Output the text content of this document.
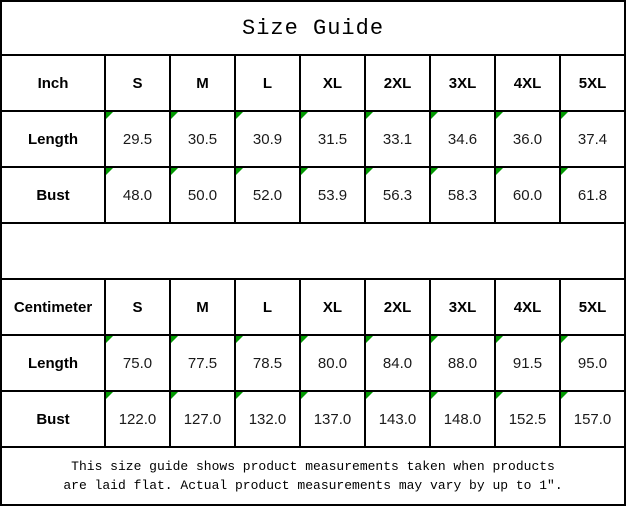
Size Guide								
Inch	S	M	L	XL	2XL	3XL	4XL	5XL
Length	29.5	30.5	30.9	31.5	33.1	34.6	36.0	37.4
Bust	48.0	50.0	52.0	53.9	56.3	58.3	60.0	61.8

Centimeter	S	M	L	XL	2XL	3XL	4XL	5XL
Length	75.0	77.5	78.5	80.0	84.0	88.0	91.5	95.0
Bust	122.0	127.0	132.0	137.0	143.0	148.0	152.5	157.0

This size guide shows product measurements taken when products
are laid flat. Actual product measurements may vary by up to 1″.								
